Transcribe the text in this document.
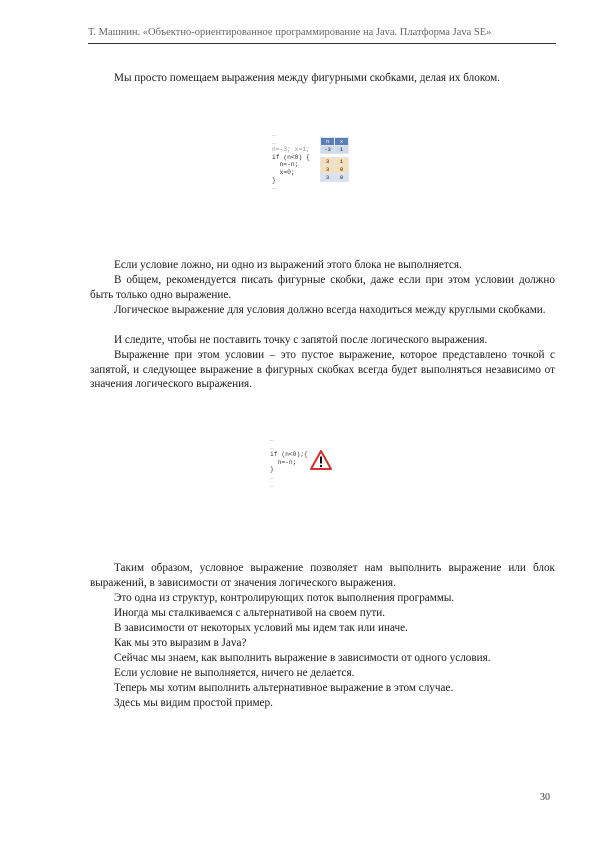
Т. Машнин. «Объектно-ориентированное программирование на Java. Платформа Java SE»

Мы просто помещаем выражения между фигурными скобками, делая их блоком.

…
…
n=-3; x=1;
if (n<0) {
n=-n;
x=0;
}
…
n	x
-3	1

3	1
3	0
3	0

Если условие ложно, ни одно из выражений этого блока не выполняется.

В общем, рекомендуется писать фигурные скобки, даже если при этом условии должно быть только одно выражение.

Логическое выражение для условия должно всегда находиться между круглыми скобками.

И следите, чтобы не поставить точку с запятой после логического выражения.

Выражение при этом условии – это пустое выражение, которое представлено точкой с запятой, и следующее выражение в фигурных скобках всегда будет выполняться независимо от значения логического выражения.

…
…
if (n<0);{
n=-n;
}
…
…

Таким образом, условное выражение позволяет нам выполнить выражение или блок выражений, в зависимости от значения логического выражения.

Это одна из структур, контролирующих поток выполнения программы.

Иногда мы сталкиваемся с альтернативой на своем пути.

В зависимости от некоторых условий мы идем так или иначе.

Как мы это выразим в Java?

Сейчас мы знаем, как выполнить выражение в зависимости от одного условия.

Если условие не выполняется, ничего не делается.

Теперь мы хотим выполнить альтернативное выражение в этом случае.

Здесь мы видим простой пример.

30
